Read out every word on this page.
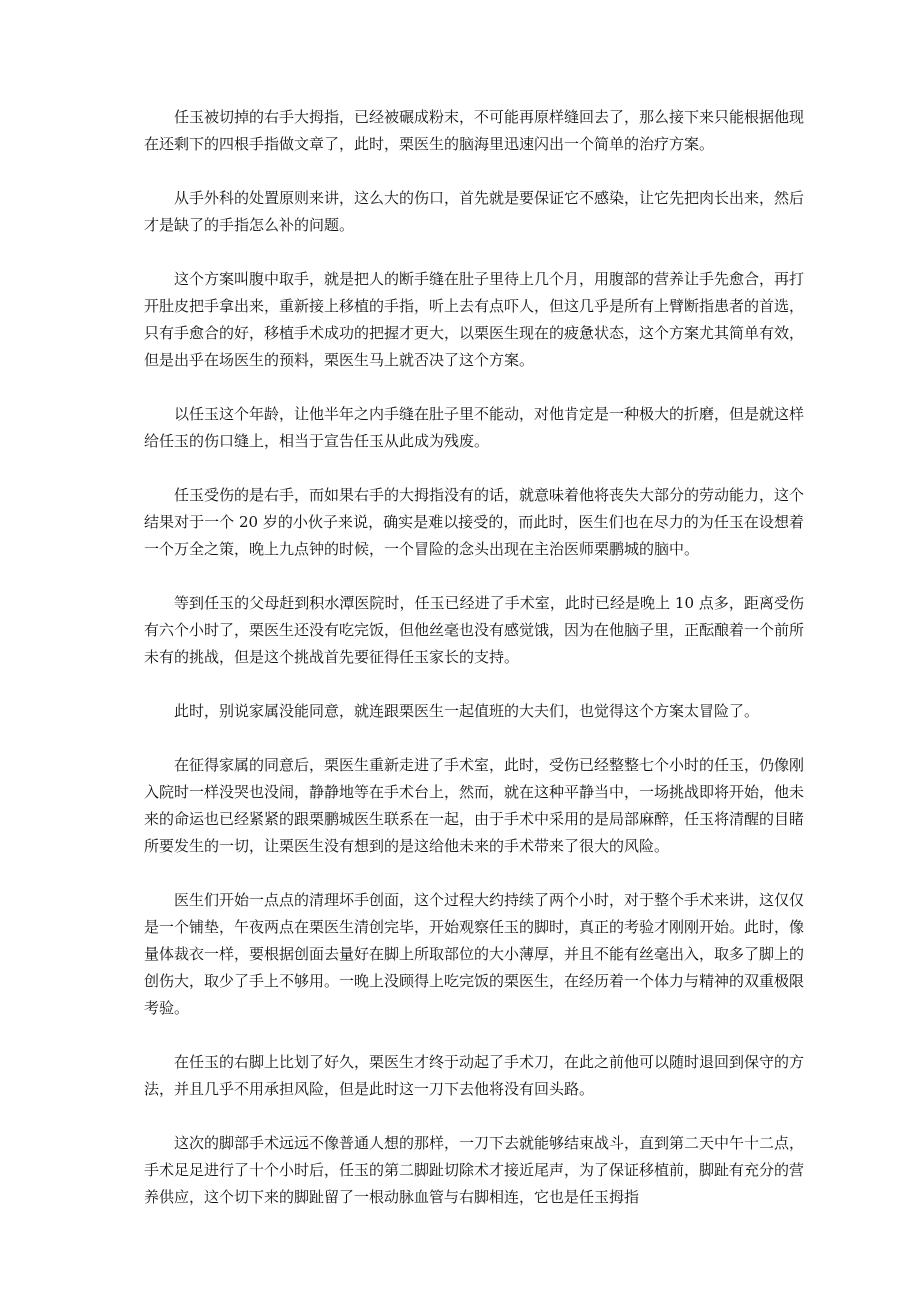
任玉被切掉的右手大拇指，已经被碾成粉末，不可能再原样缝回去了，那么接下来只能根据他现在还剩下的四根手指做文章了，此时，栗医生的脑海里迅速闪出一个简单的治疗方案。

从手外科的处置原则来讲，这么大的伤口，首先就是要保证它不感染，让它先把肉长出来，然后才是缺了的手指怎么补的问题。

这个方案叫腹中取手，就是把人的断手缝在肚子里待上几个月，用腹部的营养让手先愈合，再打开肚皮把手拿出来，重新接上移植的手指，听上去有点吓人，但这几乎是所有上臂断指患者的首选，只有手愈合的好，移植手术成功的把握才更大，以栗医生现在的疲惫状态，这个方案尤其简单有效，但是出乎在场医生的预料，栗医生马上就否决了这个方案。

以任玉这个年龄，让他半年之内手缝在肚子里不能动，对他肯定是一种极大的折磨，但是就这样给任玉的伤口缝上，相当于宣告任玉从此成为残废。

任玉受伤的是右手，而如果右手的大拇指没有的话，就意味着他将丧失大部分的劳动能力，这个结果对于一个 20 岁的小伙子来说，确实是难以接受的，而此时，医生们也在尽力的为任玉在设想着一个万全之策，晚上九点钟的时候，一个冒险的念头出现在主治医师栗鹏城的脑中。

等到任玉的父母赶到积水潭医院时，任玉已经进了手术室，此时已经是晚上 10 点多，距离受伤有六个小时了，栗医生还没有吃完饭，但他丝毫也没有感觉饿，因为在他脑子里，正酝酿着一个前所未有的挑战，但是这个挑战首先要征得任玉家长的支持。

此时，别说家属没能同意，就连跟栗医生一起值班的大夫们，也觉得这个方案太冒险了。

在征得家属的同意后，栗医生重新走进了手术室，此时，受伤已经整整七个小时的任玉，仍像刚入院时一样没哭也没闹，静静地等在手术台上，然而，就在这种平静当中，一场挑战即将开始，他未来的命运也已经紧紧的跟栗鹏城医生联系在一起，由于手术中采用的是局部麻醉，任玉将清醒的目睹所要发生的一切，让栗医生没有想到的是这给他未来的手术带来了很大的风险。

医生们开始一点点的清理坏手创面，这个过程大约持续了两个小时，对于整个手术来讲，这仅仅是一个铺垫，午夜两点在栗医生清创完毕，开始观察任玉的脚时，真正的考验才刚刚开始。此时，像量体裁衣一样，要根据创面去量好在脚上所取部位的大小薄厚，并且不能有丝毫出入，取多了脚上的创伤大，取少了手上不够用。一晚上没顾得上吃完饭的栗医生，在经历着一个体力与精神的双重极限考验。

在任玉的右脚上比划了好久，栗医生才终于动起了手术刀，在此之前他可以随时退回到保守的方法，并且几乎不用承担风险，但是此时这一刀下去他将没有回头路。

这次的脚部手术远远不像普通人想的那样，一刀下去就能够结束战斗，直到第二天中午十二点，手术足足进行了十个小时后，任玉的第二脚趾切除术才接近尾声，为了保证移植前，脚趾有充分的营养供应，这个切下来的脚趾留了一根动脉血管与右脚相连，它也是任玉拇指
